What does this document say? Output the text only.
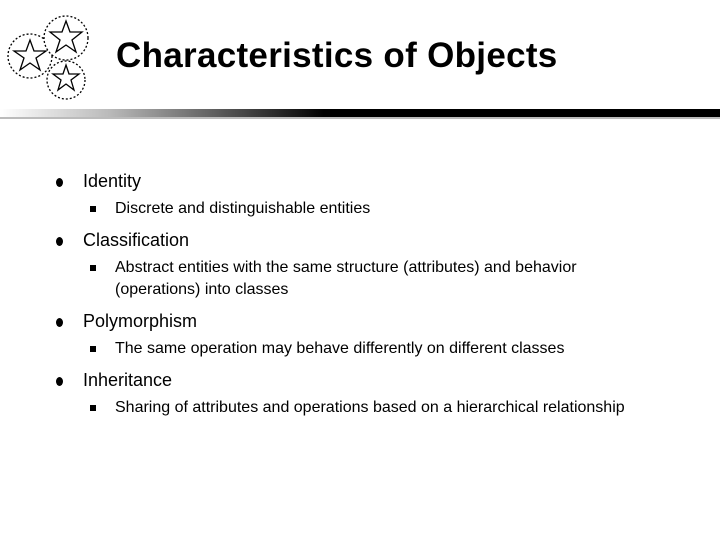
Characteristics of Objects
Identity
Discrete and distinguishable entities
Classification
Abstract entities with the same structure (attributes) and behavior (operations) into classes
Polymorphism
The same operation may behave differently on different classes
Inheritance
Sharing of attributes and operations based on a hierarchical relationship
